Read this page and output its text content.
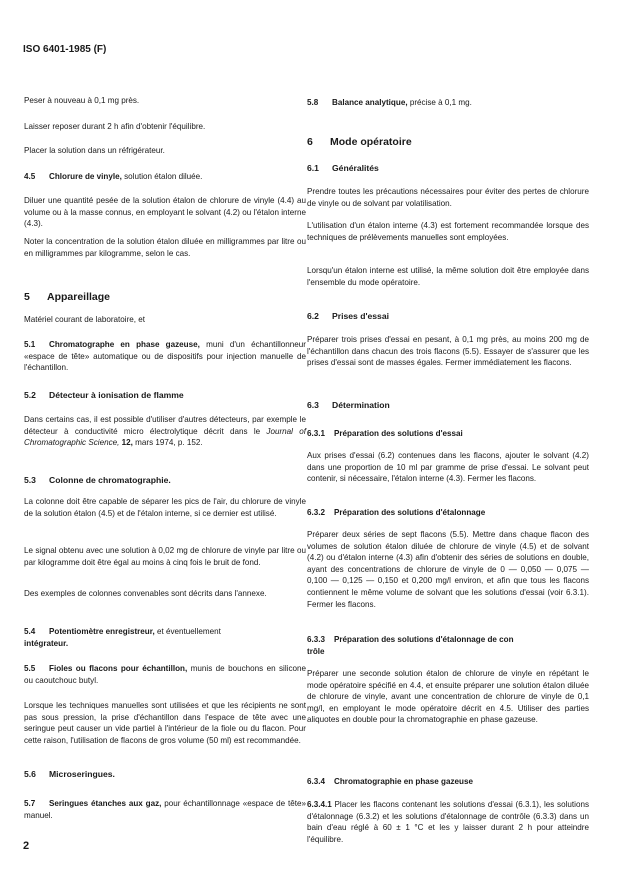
ISO 6401-1985 (F)

Peser à nouveau à 0,1 mg près.

Laisser reposer durant 2 h afin d'obtenir l'équilibre.

Placer la solution dans un réfrigérateur.

4.5 Chlorure de vinyle, solution étalon diluée.

Diluer une quantité pesée de la solution étalon de chlorure de vinyle (4.4) au volume ou à la masse connus, en employant le solvant (4.2) ou l'étalon interne (4.3).

Noter la concentration de la solution étalon diluée en milligrammes par litre ou en milligrammes par kilogramme, selon le cas.

5 Appareillage

Matériel courant de laboratoire, et

5.1 Chromatographe en phase gazeuse, muni d'un échantillonneur «espace de tête» automatique ou de dispositifs pour injection manuelle de l'échantillon.

5.2 Détecteur à ionisation de flamme

Dans certains cas, il est possible d'utiliser d'autres détecteurs, par exemple le détecteur à conductivité micro électrolytique décrit dans le Journal of Chromatographic Science, 12, mars 1974, p. 152.

5.3 Colonne de chromatographie.

La colonne doit être capable de séparer les pics de l'air, du chlorure de vinyle de la solution étalon (4.5) et de l'étalon interne, si ce dernier est utilisé.

Le signal obtenu avec une solution à 0,02 mg de chlorure de vinyle par litre ou par kilogramme doit être égal au moins à cinq fois le bruit de fond.

Des exemples de colonnes convenables sont décrits dans l'annexe.

5.4 Potentiomètre enregistreur, et éventuellement
intégrateur.

5.5 Fioles ou flacons pour échantillon, munis de bouchons en silicone ou caoutchouc butyl.

Lorsque les techniques manuelles sont utilisées et que les récipients ne sont pas sous pression, la prise d'échantillon dans l'espace de tête avec une seringue peut causer un vide partiel à l'intérieur de la fiole ou du flacon. Pour cette raison, l'utilisation de flacons de gros volume (50 ml) est recommandée.

5.6 Microseringues.

5.7 Seringues étanches aux gaz, pour échantillonnage «espace de tête» manuel.

5.8 Balance analytique, précise à 0,1 mg.

6 Mode opératoire
6.1 Généralités

Prendre toutes les précautions nécessaires pour éviter des pertes de chlorure de vinyle ou de solvant par volatilisation.

L'utilisation d'un étalon interne (4.3) est fortement recommandée lorsque des techniques de prélèvements manuelles sont employées.

Lorsqu'un étalon interne est utilisé, la même solution doit être employée dans l'ensemble du mode opératoire.

6.2 Prises d'essai

Préparer trois prises d'essai en pesant, à 0,1 mg près, au moins 200 mg de l'échantillon dans chacun des trois flacons (5.5). Essayer de s'assurer que les prises d'essai sont de masses égales. Fermer immédiatement les flacons.

6.3 Détermination
6.3.1 Préparation des solutions d'essai

Aux prises d'essai (6.2) contenues dans les flacons, ajouter le solvant (4.2) dans une proportion de 10 ml par gramme de prise d'essai. Le solvant peut contenir, si nécessaire, l'étalon interne (4.3). Fermer les flacons.

6.3.2 Préparation des solutions d'étalonnage

Préparer deux séries de sept flacons (5.5). Mettre dans chaque flacon des volumes de solution étalon diluée de chlorure de vinyle (4.5) et de solvant (4.2) ou d'étalon interne (4.3) afin d'obtenir des séries de solutions en double, ayant des concentrations de chlorure de vinyle de 0 — 0,050 — 0,075 — 0,100 — 0,125 — 0,150 et 0,200 mg/l environ, et afin que tous les flacons contiennent le même volume de solvant que les solutions d'essai (voir 6.3.1). Fermer les flacons.

6.3.3 Préparation des solutions d'étalonnage de con
trôle

Préparer une seconde solution étalon de chlorure de vinyle en répétant le mode opératoire spécifié en 4.4, et ensuite préparer une solution étalon diluée de chlorure de vinyle, avant une concentration de chlorure de vinyle de 0,1 mg/l, en employant le mode opératoire décrit en 4.5. Utiliser des parties aliquotes en double pour la chromatographie en phase gazeuse.

6.3.4 Chromatographie en phase gazeuse

6.3.4.1 Placer les flacons contenant les solutions d'essai (6.3.1), les solutions d'étalonnage (6.3.2) et les solutions d'étalonnage de contrôle (6.3.3) dans un bain d'eau réglé à 60 ± 1 °C et les y laisser durant 2 h pour atteindre l'équilibre.

2
